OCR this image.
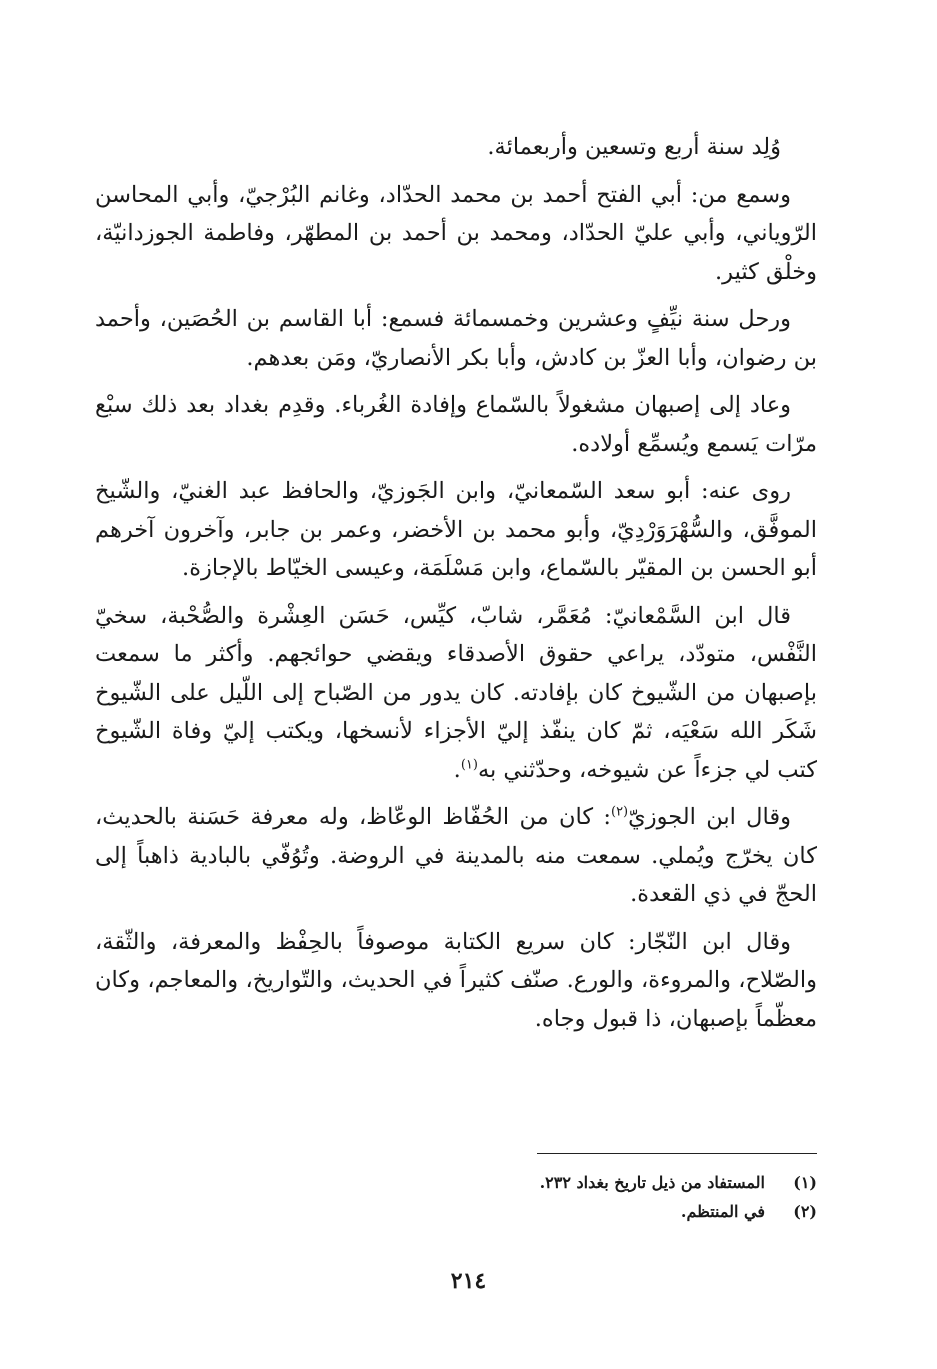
وُلِد سنة أربع وتسعين وأربعمائة.

وسمع من: أبي الفتح أحمد بن محمد الحدّاد، وغانم البُرْجيّ، وأبي المحاسن الرّوياني، وأبي عليّ الحدّاد، ومحمد بن أحمد بن المطهّر، وفاطمة الجوزدانيّة، وخلْق كثير.

ورحل سنة نيِّفٍ وعشرين وخمسمائة فسمع: أبا القاسم بن الحُصَين، وأحمد بن رضوان، وأبا العزّ بن كادش، وأبا بكر الأنصاريّ، ومَن بعدهم.

وعاد إلى إصبهان مشغولاً بالسّماع وإفادة الغُرباء. وقدِم بغداد بعد ذلك سبْع مرّات يَسمع ويُسمِّع أولاده.

روى عنه: أبو سعد السّمعانيّ، وابن الجَوزيّ، والحافظ عبد الغنيّ، والشّيخ الموفَّق، والسُّهْرَوَرْدِيّ، وأبو محمد بن الأخضر، وعمر بن جابر، وآخرون آخرهم أبو الحسن بن المقيّر بالسّماع، وابن مَسْلَمَة، وعيسى الخيّاط بالإجازة.

قال ابن السَّمْعانيّ: مُعَمَّر، شابّ، كيِّس، حَسَن العِشْرة والصُّحْبة، سخيّ النَّفْس، متودّد، يراعي حقوق الأصدقاء ويقضي حوائجهم. وأكثر ما سمعت بإصبهان من الشّيوخ كان بإفادته. كان يدور من الصّباح إلى اللّيل على الشّيوخ شَكَر الله سَعْيَه، ثمّ كان ينفّذ إليّ الأجزاء لأنسخها، ويكتب إليّ وفاة الشّيوخ كتب لي جزءاً عن شيوخه، وحدّثني به$^{(١)}$.

وقال ابن الجوزيّ$^{(٢)}$: كان من الحُفّاظ الوعّاظ، وله معرفة حَسَنة بالحديث، كان يخرّج ويُملي. سمعت منه بالمدينة في الروضة. وتُوُفّي بالبادية ذاهباً إلى الحجّ في ذي القعدة.

وقال ابن النّجّار: كان سريع الكتابة موصوفاً بالحِفْظ والمعرفة، والثّقة، والصّلاح، والمروءة، والورع. صنّف كثيراً في الحديث، والتّواريخ، والمعاجم، وكان معظّماً بإصبهان، ذا قبول وجاه.

(١)
المستفاد من ذيل تاريخ بغداد ٢٣٢.
(٢)
في المنتظم.
٢١٤
